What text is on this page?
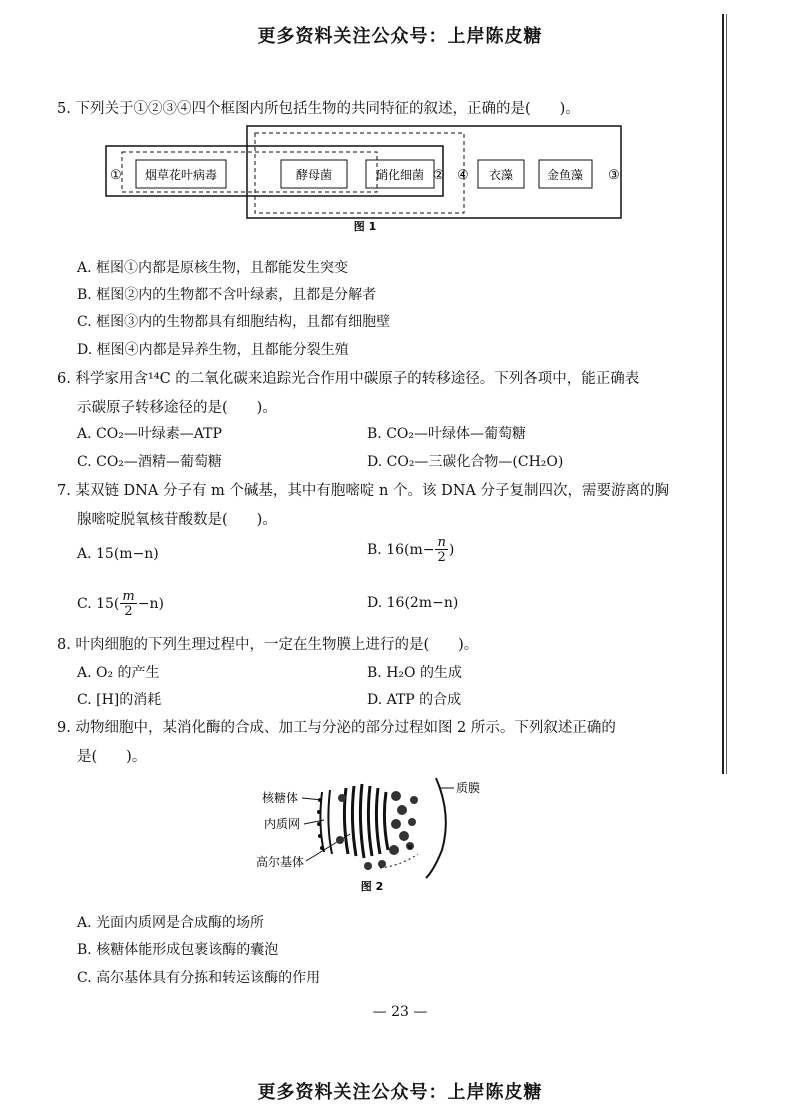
更多资料关注公众号：上岸陈皮糖
5. 下列关于①②③④四个框图内所包括生物的共同特征的叙述，正确的是(　　)。
烟草花叶病毒	酵母菌	硝化细菌	衣藻	金鱼藻
①	② ④	③
图 1
A. 框图①内都是原核生物，且都能发生突变
B. 框图②内的生物都不含叶绿素，且都是分解者
C. 框图③内的生物都具有细胞结构，且都有细胞壁
D. 框图④内都是异养生物，且都能分裂生殖
6. 科学家用含¹⁴C 的二氧化碳来追踪光合作用中碳原子的转移途径。下列各项中，能正确表
示碳原子转移途径的是(　　)。
A. CO₂—叶绿素—ATP	B. CO₂—叶绿体—葡萄糖
C. CO₂—酒精—葡萄糖	D. CO₂—三碳化合物—(CH₂O)
7. 某双链 DNA 分子有 m 个碱基，其中有胞嘧啶 n 个。该 DNA 分子复制四次，需要游离的胸
腺嘧啶脱氧核苷酸数是(　　)。
A. 15(m−n)	B. $16(m- \frac{n}{2}$ )
C. $15( \frac{m}{2} -n)$	D. 16(2m−n)
8. 叶肉细胞的下列生理过程中，一定在生物膜上进行的是(　　)。
A. O₂ 的产生	B. H₂O 的生成
C. [H]的消耗	D. ATP 的合成
9. 动物细胞中，某消化酶的合成、加工与分泌的部分过程如图 2 所示。下列叙述正确的
是(　　)。
核糖体
内质网
高尔基体
质膜
图 2
A. 光面内质网是合成酶的场所
B. 核糖体能形成包裹该酶的囊泡
C. 高尔基体具有分拣和转运该酶的作用
— 23 —
更多资料关注公众号：上岸陈皮糖
